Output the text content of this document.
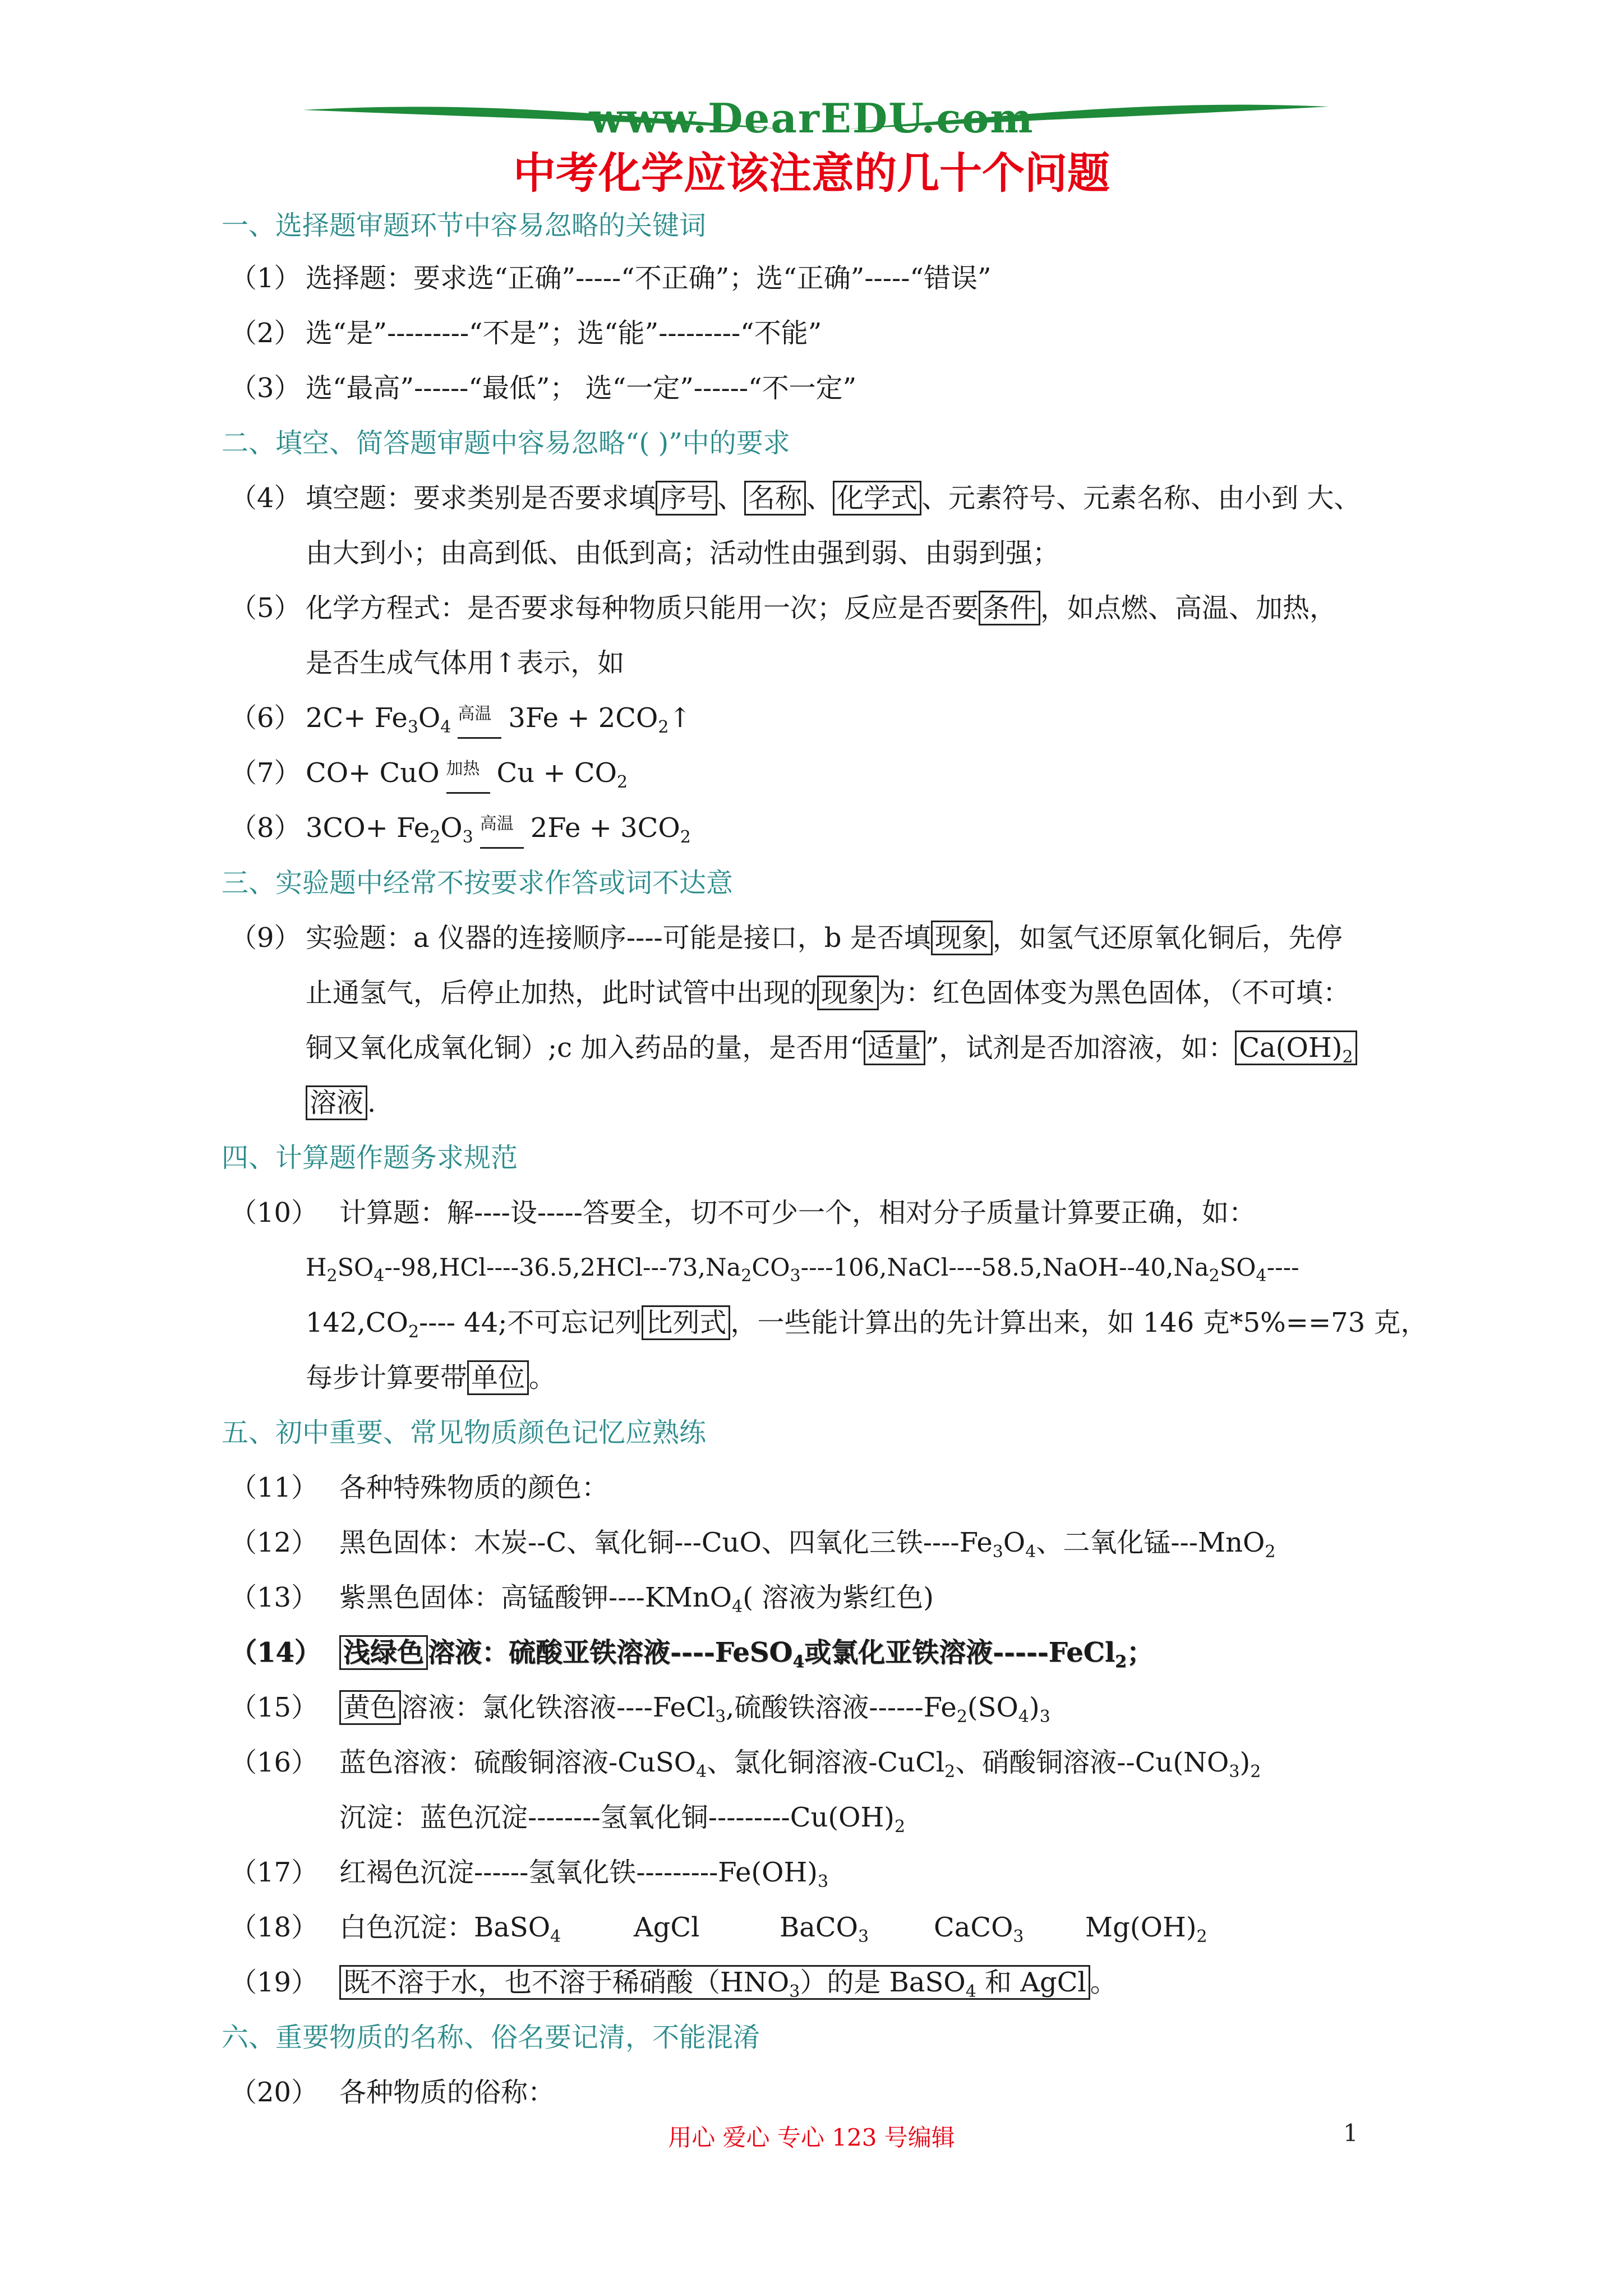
www.DearEDU.com
中考化学应该注意的几十个问题
一、选择题审题环节中容易忽略的关键词
（1） 选择题：要求选“正确”-----“不正确”；选“正确”-----“错误”
（2） 选“是”---------“不是”；选“能”---------“不能”
（3） 选“最高”------“最低”； 选“一定”------“不一定”
二、填空、简答题审题中容易忽略“( )”中的要求
（4） 填空题：要求类别是否要求填 序号 、 名称 、 化学式 、元素符号、元素名称、由小到 大、
由大到小；由高到低、由低到高；活动性由强到弱、由弱到强；
（5） 化学方程式：是否要求每种物质只能用一次；反应是否要 条件 ，如点燃、高温、加热，
是否生成气体用↑表示，如
（6） $2C+ Fe_3O_4$高温 $3Fe + 2CO_2↑$
（7） CO+ CuO 加热 $Cu + CO_2$
（8） $3CO+ Fe_2O_3$高温 $2Fe + 3CO_2$
三、实验题中经常不按要求作答或词不达意
（9） 实验题：a 仪器的连接顺序----可能是接口，b 是否填 现象 ，如氢气还原氧化铜后，先停
止通氢气，后停止加热，此时试管中出现的 现象 为：红色固体变为黑色固体，（不可填：
铜又氧化成氧化铜）;c 加入药品的量，是否用“ 适量 ”，试剂是否加溶液，如： $Ca(OH)_2$
溶液 .
四、计算题作题务求规范
（10） 计算题：解----设-----答要全，切不可少一个，相对分子质量计算要正确，如：
$H_2SO_4--98,HCl----36.5,2HCl---73,Na_2CO_3----106,NaCl----58.5,NaOH--40,Na_2SO_4----$
$142,CO_2----$ 44;不可忘记列 比列式 ，一些能计算出的先计算出来，如 146 克*5%==73 克，
每步计算要带 单位 。
五、初中重要、常见物质颜色记忆应熟练
（11） 各种特殊物质的颜色：
（12） 黑色固体：木炭--C、氧化铜---CuO、四氧化三铁$----Fe_3O_4$、二氧化锰---MnO$_2$
（13） 紫黑色固体：高锰酸钾----KMnO$_4$( 溶液为紫红色)
（14） 浅绿色 溶液：硫酸亚铁溶液----FeSO$_4$或氯化亚铁溶液-----FeCl$_2$；
（15） 黄色 溶液：氯化铁溶液----FeCl$_3$,硫酸铁溶液$------Fe_2(SO_4)_3$
（16） 蓝色溶液：硫酸铜溶液-CuSO$_4$、氯化铜溶液-CuCl$_2$、硝酸铜溶液$--Cu(NO_3)_2$
沉淀：蓝色沉淀--------氢氧化铜$---------Cu(OH)_2$
（17） 红褐色沉淀------氢氧化铁$---------Fe(OH)_3$
（18） 白色沉淀：BaSO$_4$	AgCl	BaCO$_3$ CaCO$_3$ $Mg(OH)_2$
（19） 既不溶于水，也不溶于稀硝酸$(HNO_3)$的是 BaSO$_4$ 和 AgCl 。
六、重要物质的名称、俗名要记清，不能混淆
（20） 各种物质的俗称：
用心 爱心 专心 123 号编辑	1
